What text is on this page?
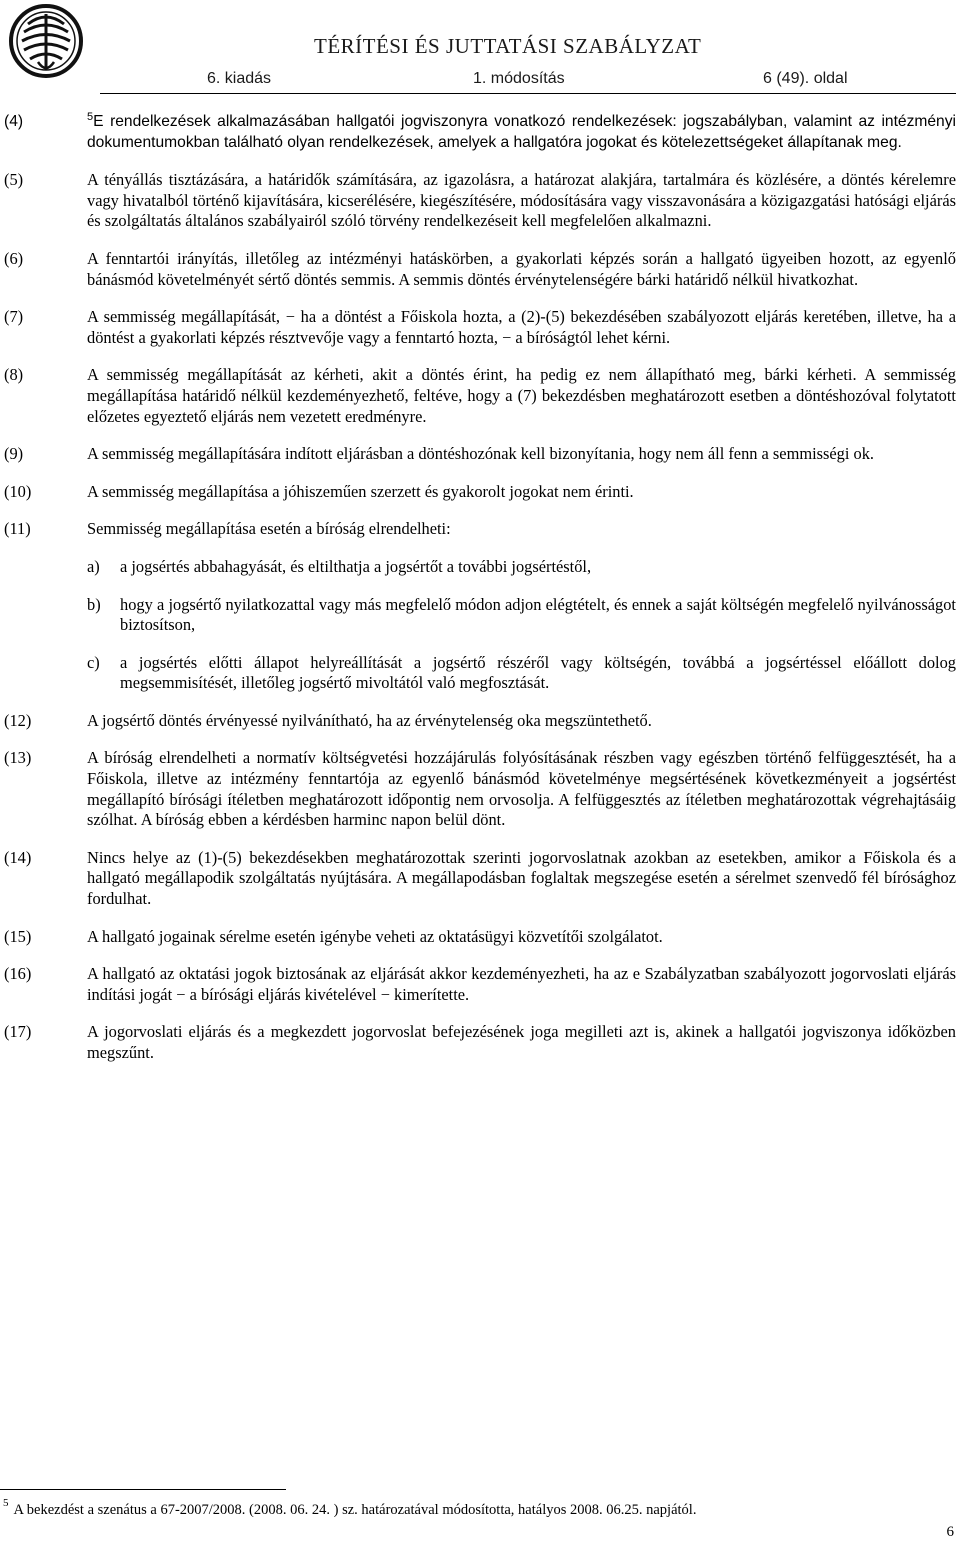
TÉRÍTÉSI ÉS JUTTATÁSI SZABÁLYZAT
6. kiadás	1. módosítás	6 (49). oldal
(4)	$^5$E rendelkezések alkalmazásában hallgatói jogviszonyra vonatkozó rendelkezések: jogszabályban, valamint az intézményi dokumentumokban található olyan rendelkezések, amelyek a hallgatóra jogokat és kötelezettségeket állapítanak meg.
(5)	A tényállás tisztázására, a határidők számítására, az igazolásra, a határozat alakjára, tartalmára és közlésére, a döntés kérelemre vagy hivatalból történő kijavítására, kicserélésére, kiegészítésére, módosítására vagy visszavonására a közigazgatási hatósági eljárás és szolgáltatás általános szabályairól szóló törvény rendelkezéseit kell megfelelően alkalmazni.
(6)	A fenntartói irányítás, illetőleg az intézményi hatáskörben, a gyakorlati képzés során a hallgató ügyeiben hozott, az egyenlő bánásmód követelményét sértő döntés semmis. A semmis döntés érvénytelenségére bárki határidő nélkül hivatkozhat.
(7)	A semmisség megállapítását, − ha a döntést a Főiskola hozta, a (2)-(5) bekezdésében szabályozott eljárás keretében, illetve, ha a döntést a gyakorlati képzés résztvevője vagy a fenntartó hozta, − a bíróságtól lehet kérni.
(8)	A semmisség megállapítását az kérheti, akit a döntés érint, ha pedig ez nem állapítható meg, bárki kérheti. A semmisség megállapítása határidő nélkül kezdeményezhető, feltéve, hogy a (7) bekezdésben meghatározott esetben a döntéshozóval folytatott előzetes egyeztető eljárás nem vezetett eredményre.
(9)	A semmisség megállapítására indított eljárásban a döntéshozónak kell bizonyítania, hogy nem áll fenn a semmisségi ok.
(10)	A semmisség megállapítása a jóhiszeműen szerzett és gyakorolt jogokat nem érinti.
(11)	Semmisség megállapítása esetén a bíróság elrendelheti:
a) a jogsértés abbahagyását, és eltilthatja a jogsértőt a további jogsértéstől,
b) hogy a jogsértő nyilatkozattal vagy más megfelelő módon adjon elégtételt, és ennek a saját költségén megfelelő nyilvánosságot biztosítson,
c) a jogsértés előtti állapot helyreállítását a jogsértő részéről vagy költségén, továbbá a jogsértéssel előállott dolog megsemmisítését, illetőleg jogsértő mivoltától való megfosztását.
(12)	A jogsértő döntés érvényessé nyilvánítható, ha az érvénytelenség oka megszüntethető.
(13)	A bíróság elrendelheti a normatív költségvetési hozzájárulás folyósításának részben vagy egészben történő felfüggesztését, ha a Főiskola, illetve az intézmény fenntartója az egyenlő bánásmód követelménye megsértésének következményeit a jogsértést megállapító bírósági ítéletben meghatározott időpontig nem orvosolja. A felfüggesztés az ítéletben meghatározottak végrehajtásáig szólhat. A bíróság ebben a kérdésben harminc napon belül dönt.
(14)	Nincs helye az (1)-(5) bekezdésekben meghatározottak szerinti jogorvoslatnak azokban az esetekben, amikor a Főiskola és a hallgató megállapodik szolgáltatás nyújtására. A megállapodásban foglaltak megszegése esetén a sérelmet szenvedő fél bírósághoz fordulhat.
(15)	A hallgató jogainak sérelme esetén igénybe veheti az oktatásügyi közvetítői szolgálatot.
(16)	A hallgató az oktatási jogok biztosának az eljárását akkor kezdeményezheti, ha az e Szabályzatban szabályozott jogorvoslati eljárás indítási jogát − a bírósági eljárás kivételével − kimerítette.
(17)	A jogorvoslati eljárás és a megkezdett jogorvoslat befejezésének joga megilleti azt is, akinek a hallgatói jogviszonya időközben megszűnt.
$^5$ A bekezdést a szenátus a 67-2007/2008. (2008. 06. 24. ) sz. határozatával módosította, hatályos 2008. 06.25. napjától.
6
